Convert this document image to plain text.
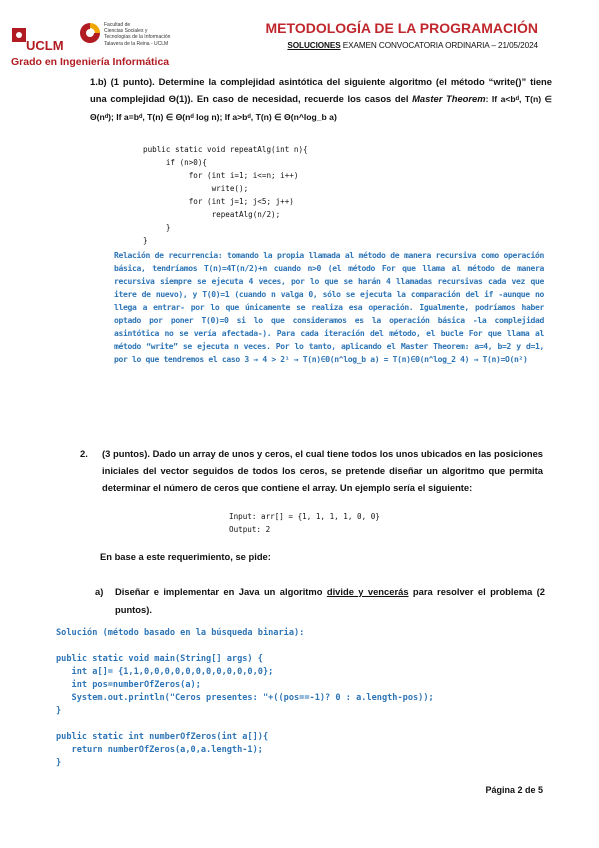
UCLM
Facultad de
Ciencias Sociales y
Tecnologías de la Información
Talavera de la Reina - UCLM
Grado en Ingeniería Informática
METODOLOGÍA DE LA PROGRAMACIÓN
SOLUCIONES EXAMEN CONVOCATORIA ORDINARIA – 21/05/2024
1.b) (1 punto). Determine la complejidad asintótica del siguiente algoritmo (el método “write()” tiene una complejidad Θ(1)). En caso de necesidad, recuerde los casos del Master Theorem: If a<bᵈ, T(n) ∈ Θ(nᵈ); If a=bᵈ, T(n) ∈ Θ(nᵈ log n); If a>bᵈ, T(n) ∈ Θ(n^log_b a)
public static void repeatAlg(int n){
if (n>0){
for (int i=1; i<=n; i++)
write();
for (int j=1; j<5; j++)
repeatAlg(n/2);
}
}
Relación de recurrencia: tomando la propia llamada al método de manera recursiva como operación básica, tendríamos T(n)=4T(n/2)+n cuando n>0 (el método For que llama al método de manera recursiva siempre se ejecuta 4 veces, por lo que se harán 4 llamadas recursivas cada vez que itere de nuevo), y T(0)=1 (cuando n valga 0, sólo se ejecuta la comparación del if -aunque no llega a entrar- por lo que únicamente se realiza esa operación. Igualmente, podríamos haber optado por poner T(0)=0 si lo que consideramos es la operación básica -la complejidad asintótica no se vería afectada-). Para cada iteración del método, el bucle For que llama al método “write” se ejecuta n veces. Por lo tanto, aplicando el Master Theorem: a=4, b=2 y d=1, por lo que tendremos el caso 3 → 4 > 2¹ → T(n)∈Θ(n^log_b a) = T(n)∈Θ(n^log_2 4) → T(n)=O(n²)
2. (3 puntos). Dado un array de unos y ceros, el cual tiene todos los unos ubicados en las posiciones iniciales del vector seguidos de todos los ceros, se pretende diseñar un algoritmo que permita determinar el número de ceros que contiene el array. Un ejemplo sería el siguiente:
Input: arr[] = {1, 1, 1, 1, 0, 0}
Output: 2
En base a este requerimiento, se pide:
a) Diseñar e implementar en Java un algoritmo divide y vencerás para resolver el problema (2 puntos).
Solución (método basado en la búsqueda binaria):

public static void main(String[] args) {
int a[]= {1,1,0,0,0,0,0,0,0,0,0,0,0,0};
int pos=numberOfZeros(a);
System.out.println("Ceros presentes: "+((pos==-1)? 0 : a.length-pos));
}

public static int numberOfZeros(int a[]){
return numberOfZeros(a,0,a.length-1);
}
Página 2 de 5
